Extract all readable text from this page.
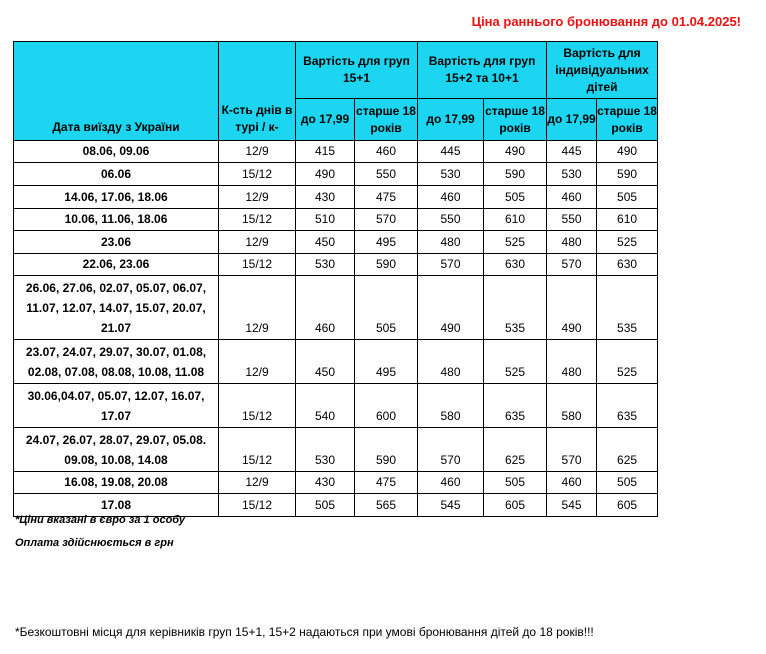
Ціна раннього бронювання до 01.04.2025!

Дата виїзду з України	К-сть днів в турі / к-	Вартість для груп 15+1		Вартість для груп 15+2 та 10+1		Вартість для індивідуальних дітей	
		до 17,99	старше 18 років	до 17,99	старше 18 років	до 17,99	старше 18 років
08.06, 09.06	12/9	415	460	445	490	445	490
06.06	15/12	490	550	530	590	530	590
14.06, 17.06, 18.06	12/9	430	475	460	505	460	505
10.06, 11.06, 18.06	15/12	510	570	550	610	550	610
23.06	12/9	450	495	480	525	480	525
22.06, 23.06	15/12	530	590	570	630	570	630
26.06, 27.06, 02.07, 05.07, 06.07, 11.07, 12.07, 14.07, 15.07, 20.07, 21.07	12/9	460	505	490	535	490	535
23.07, 24.07, 29.07, 30.07, 01.08, 02.08, 07.08, 08.08, 10.08, 11.08	12/9	450	495	480	525	480	525
30.06,04.07, 05.07, 12.07, 16.07, 17.07	15/12	540	600	580	635	580	635
24.07, 26.07, 28.07, 29.07, 05.08. 09.08, 10.08, 14.08	15/12	530	590	570	625	570	625
16.08, 19.08, 20.08	12/9	430	475	460	505	460	505
17.08	15/12	505	565	545	605	545	605

*Ціни вказані в євро за 1 особу

Оплата здійснюється в грн

*Безкоштовні місця для керівників груп 15+1, 15+2 надаються при умові бронювання дітей до 18 років!!!
